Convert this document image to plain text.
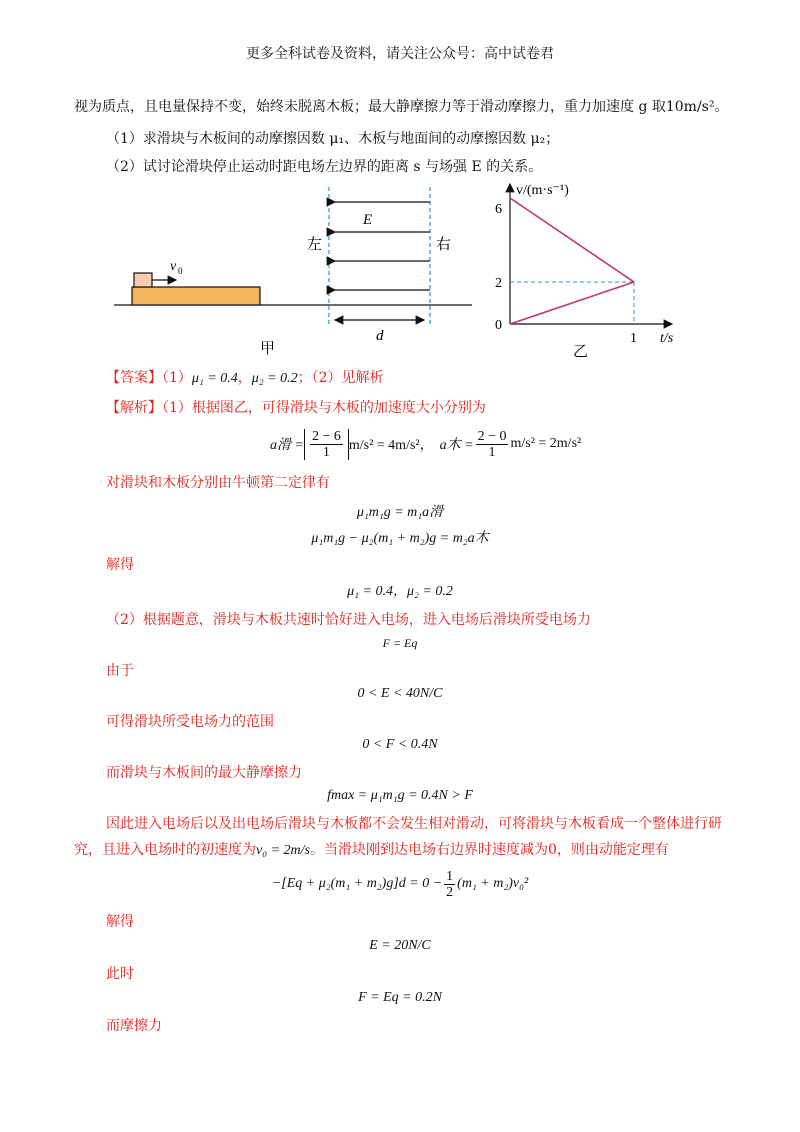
更多全科试卷及资料，请关注公众号：高中试卷君
视为质点，且电量保持不变，始终未脱离木板；最大静摩擦力等于滑动摩擦力，重力加速度 g 取10m/s²。
（1）求滑块与木板间的动摩擦因数 μ₁、木板与地面间的动摩擦因数 μ₂；
（2）试讨论滑块停止运动时距电场左边界的距离 s 与场强 E 的关系。
v 0
E
左	右
d
甲
v/(m·s⁻¹)
t/s
6
2
0
1
乙
【答案】（1）μ₁ = 0.4，μ₂ = 0.2；（2）见解析
【解析】（1）根据图乙，可得滑块与木板的加速度大小分别为
a滑 = $\frac{2 - 6}{1} m/s^2 = 4m/s^2$， a木 = $\frac{2 - 0}{1} m/s^2 = 2m/s^2$
对滑块和木板分别由牛顿第二定律有
μ₁m₁g = m₁a滑
μ₁m₁g − μ₂(m₁ + m₂)g = m₂a木
解得
μ₁ = 0.4，μ₂ = 0.2
（2）根据题意，滑块与木板共速时恰好进入电场，进入电场后滑块所受电场力
F = Eq
由于
0 < E < 40N/C
可得滑块所受电场力的范围
0 < F < 0.4N
而滑块与木板间的最大静摩擦力
fmax = μ₁m₁g = 0.4N > F
因此进入电场后以及出电场后滑块与木板都不会发生相对滑动，可将滑块与木板看成一个整体进行研
究，且进入电场时的初速度为v₀ = 2m/s。当滑块刚到达电场右边界时速度减为0，则由动能定理有
$-[Eq + \mu_2(m_1 + m_2)g]d = 0 - \frac{1}{2} (m_1 + m_2)v_0^2$
解得
E = 20N/C
此时
F = Eq = 0.2N
而摩擦力
